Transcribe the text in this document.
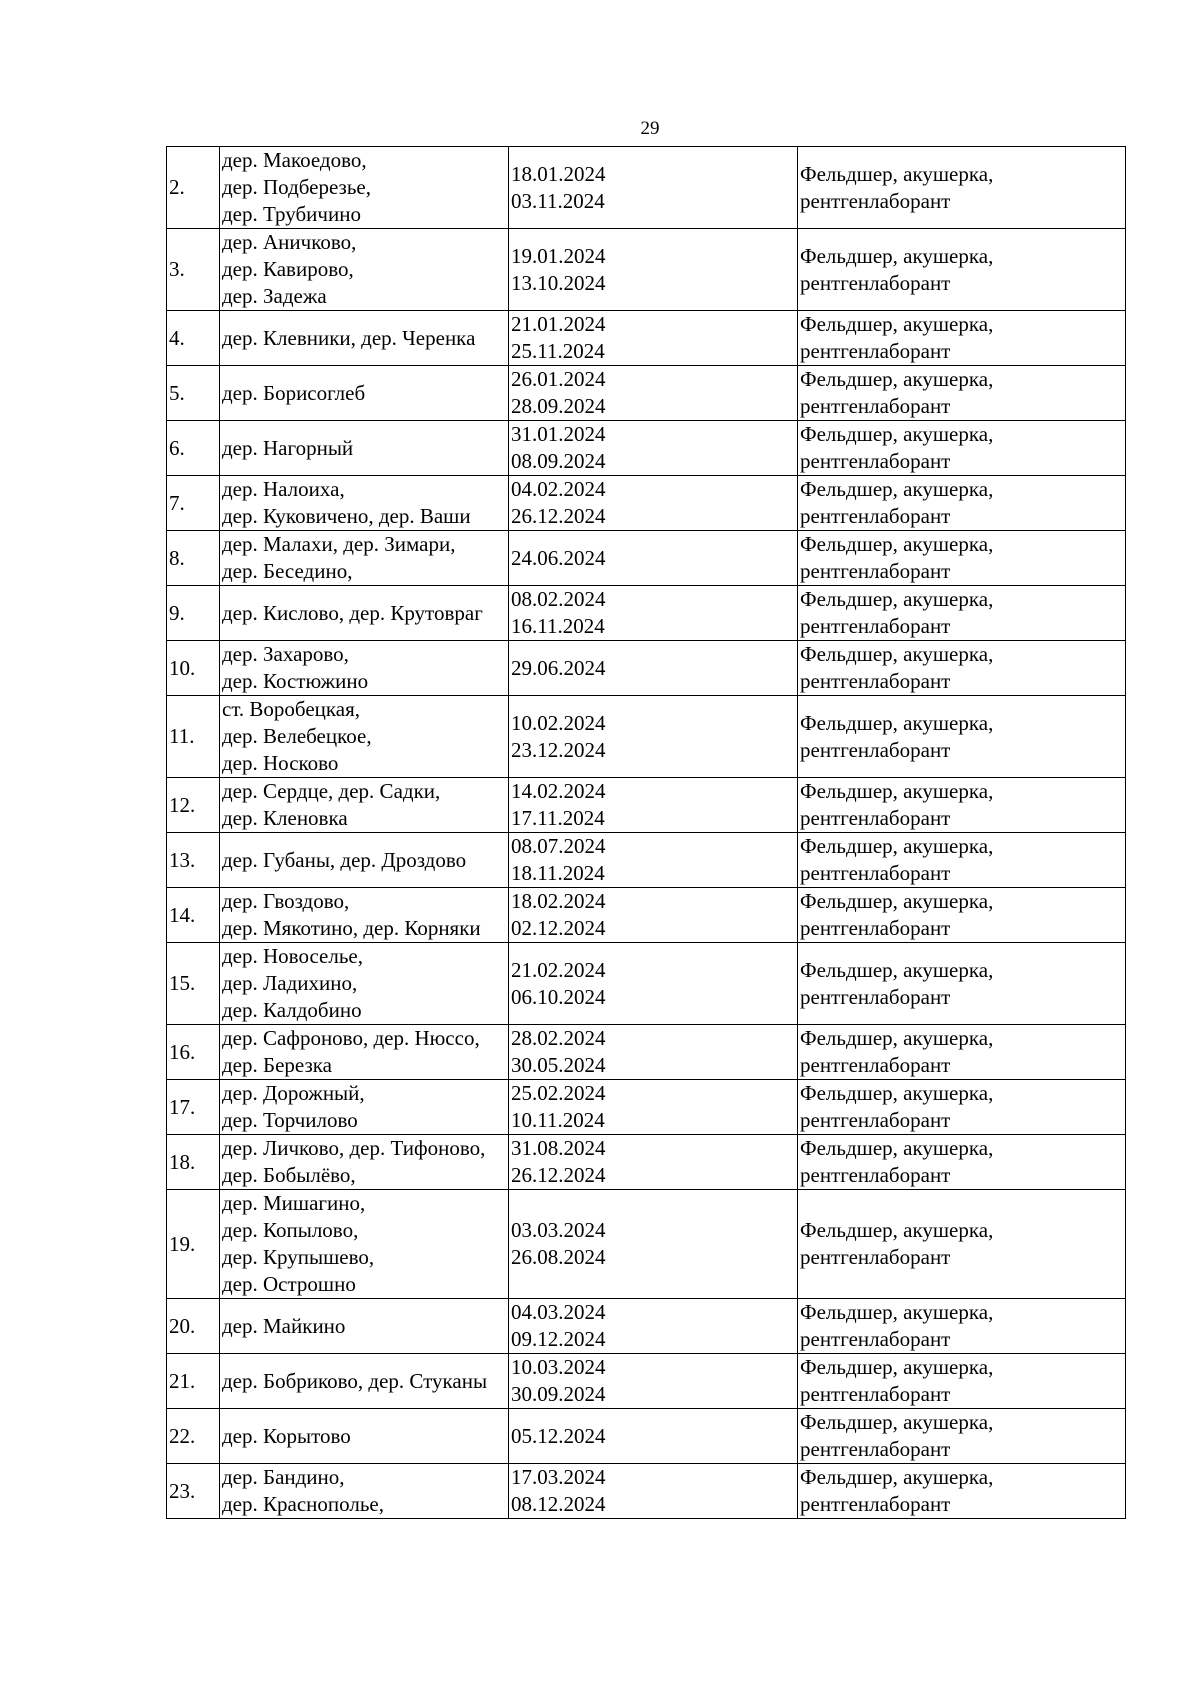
29
2.	дер. Макоедово,
дер. Подберезье,
дер. Трубичино	18.01.2024
03.11.2024	Фельдшер, акушерка,
рентгенлаборант

3.	дер. Аничково,
дер. Кавирово,
дер. Задежа	19.01.2024
13.10.2024	Фельдшер, акушерка,
рентгенлаборант

4.	дер. Клевники, дер. Черенка	21.01.2024
25.11.2024	Фельдшер, акушерка,
рентгенлаборант

5.	дер. Борисоглеб	26.01.2024
28.09.2024	Фельдшер, акушерка,
рентгенлаборант

6.	дер. Нагорный	31.01.2024
08.09.2024	Фельдшер, акушерка,
рентгенлаборант

7.	дер. Налоиха,
дер. Куковичено, дер. Ваши	04.02.2024
26.12.2024	Фельдшер, акушерка,
рентгенлаборант

8.	дер. Малахи, дер. Зимари,
дер. Беседино,	24.06.2024	Фельдшер, акушерка,
рентгенлаборант

9.	дер. Кислово, дер. Крутовраг	08.02.2024
16.11.2024	Фельдшер, акушерка,
рентгенлаборант

10.	дер. Захарово,
дер. Костюжино	29.06.2024	Фельдшер, акушерка,
рентгенлаборант

11.	ст. Воробецкая,
дер. Велебецкое,
дер. Носково	10.02.2024
23.12.2024	Фельдшер, акушерка,
рентгенлаборант

12.	дер. Сердце, дер. Садки,
дер. Кленовка	14.02.2024
17.11.2024	Фельдшер, акушерка,
рентгенлаборант

13.	дер. Губаны, дер. Дроздово	08.07.2024
18.11.2024	Фельдшер, акушерка,
рентгенлаборант

14.	дер. Гвоздово,
дер. Мякотино, дер. Корняки	18.02.2024
02.12.2024	Фельдшер, акушерка,
рентгенлаборант

15.	дер. Новоселье,
дер. Ладихино,
дер. Калдобино	21.02.2024
06.10.2024	Фельдшер, акушерка,
рентгенлаборант

16.	дер. Сафроново, дер. Нюссо,
дер. Березка	28.02.2024
30.05.2024	Фельдшер, акушерка,
рентгенлаборант

17.	дер. Дорожный,
дер. Торчилово	25.02.2024
10.11.2024	Фельдшер, акушерка,
рентгенлаборант

18.	дер. Личково, дер. Тифоново,
дер. Бобылёво,	31.08.2024
26.12.2024	Фельдшер, акушерка,
рентгенлаборант

19.	дер. Мишагино,
дер. Копылово,
дер. Крупышево,
дер. Острошно	03.03.2024
26.08.2024	Фельдшер, акушерка,
рентгенлаборант

20.	дер. Майкино	04.03.2024
09.12.2024	Фельдшер, акушерка,
рентгенлаборант

21.	дер. Бобриково, дер. Стуканы	10.03.2024
30.09.2024	Фельдшер, акушерка,
рентгенлаборант

22.	дер. Корытово	05.12.2024	Фельдшер, акушерка,
рентгенлаборант

23.	дер. Бандино,
дер. Краснополье,	17.03.2024
08.12.2024	Фельдшер, акушерка,
рентгенлаборант
